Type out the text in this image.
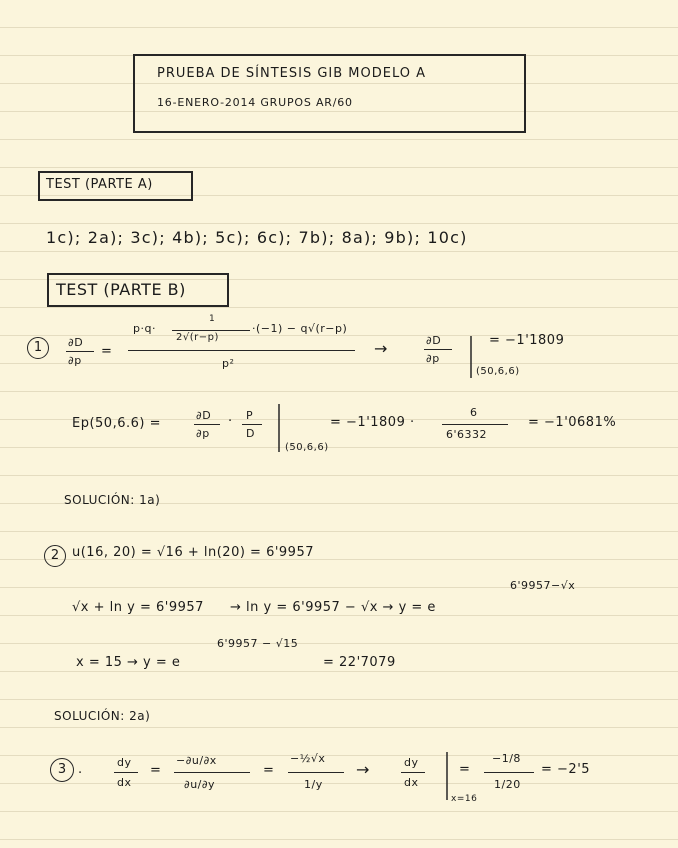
PRUEBA DE SÍNTESIS GIB MODELO A
16-ENERO-2014 GRUPOS AR/60
TEST (PARTE A)
1c); 2a); 3c); 4b); 5c); 6c); 7b); 8a); 9b); 10c)
TEST (PARTE B)
1	∂D
∂p
=
p·q·
1
2√(r−p)
·(−1) − q√(r−p)
p²
→	∂D
∂p
= −1'1809
(50,6,6)
Ep(50,6.6) =
∂D
∂p
· P
D
(50,6,6)
= −1'1809 ·
6
6'6332
= −1'0681%
SOLUCIÓN: 1a)
2 u(16, 20) = √16 + ln(20) = 6'9957
6'9957−√x
√x + ln y = 6'9957 → ln y = 6'9957 − √x → y = e
6'9957 − √15
x = 15 → y = e	= 22'7079
SOLUCIÓN: 2a)
3 .	dy
dx
=
−∂u/∂x
∂u/∂y
=
−½√x
1/y
→	dy
dx
x=16
=
−1/8
1/20
= −2'5
